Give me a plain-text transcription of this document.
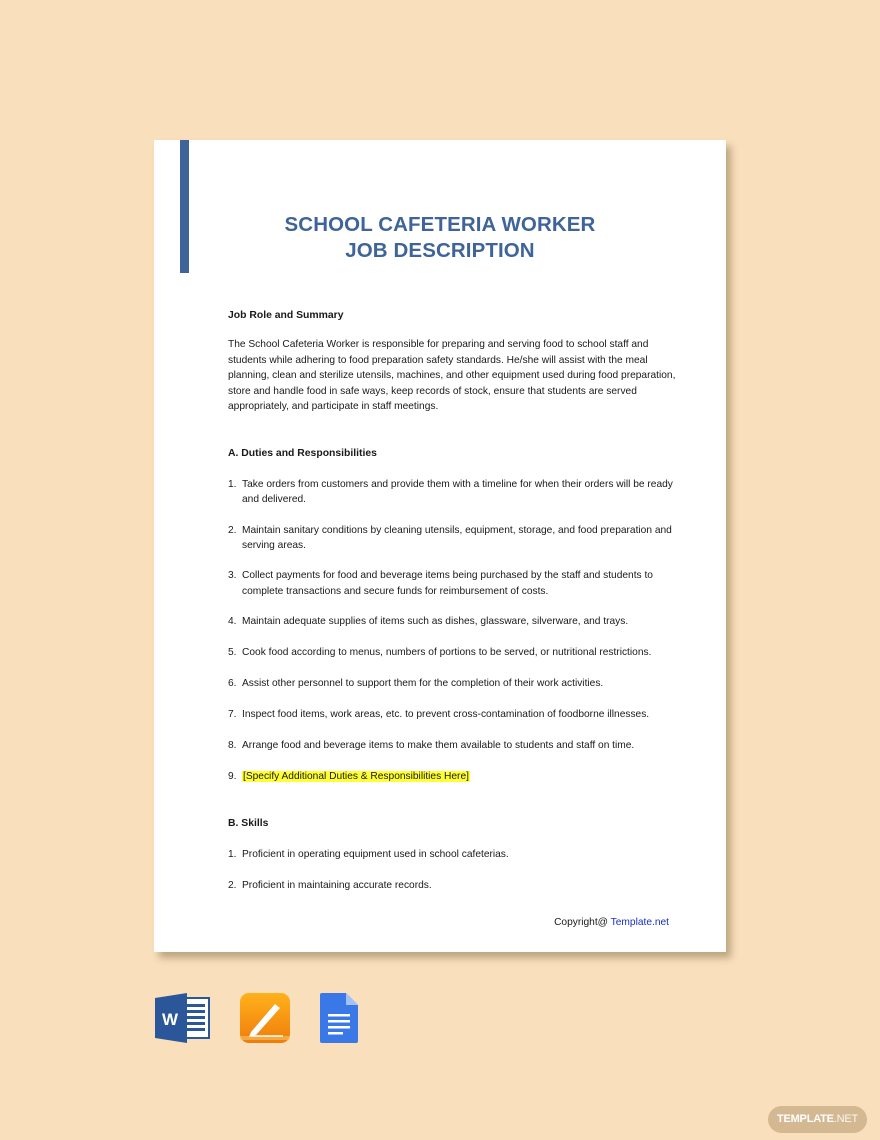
SCHOOL CAFETERIA WORKER
JOB DESCRIPTION

Job Role and Summary

The School Cafeteria Worker is responsible for preparing and serving food to school staff and students while adhering to food preparation safety standards. He/she will assist with the meal planning, clean and sterilize utensils, machines, and other equipment used during food preparation, store and handle food in safe ways, keep records of stock, ensure that students are served appropriately, and participate in staff meetings.

A. Duties and Responsibilities

1. Take orders from customers and provide them with a timeline for when their orders will be ready and delivered.
2. Maintain sanitary conditions by cleaning utensils, equipment, storage, and food preparation and serving areas.
3. Collect payments for food and beverage items being purchased by the staff and students to complete transactions and secure funds for reimbursement of costs.
4. Maintain adequate supplies of items such as dishes, glassware, silverware, and trays.
5. Cook food according to menus, numbers of portions to be served, or nutritional restrictions.
6. Assist other personnel to support them for the completion of their work activities.
7. Inspect food items, work areas, etc. to prevent cross-contamination of foodborne illnesses.
8. Arrange food and beverage items to make them available to students and staff on time.
9. [Specify Additional Duties & Responsibilities Here]

B. Skills

1. Proficient in operating equipment used in school cafeterias.
2. Proficient in maintaining accurate records.
Copyright@ Template.net
W
TEMPLATE.NET
